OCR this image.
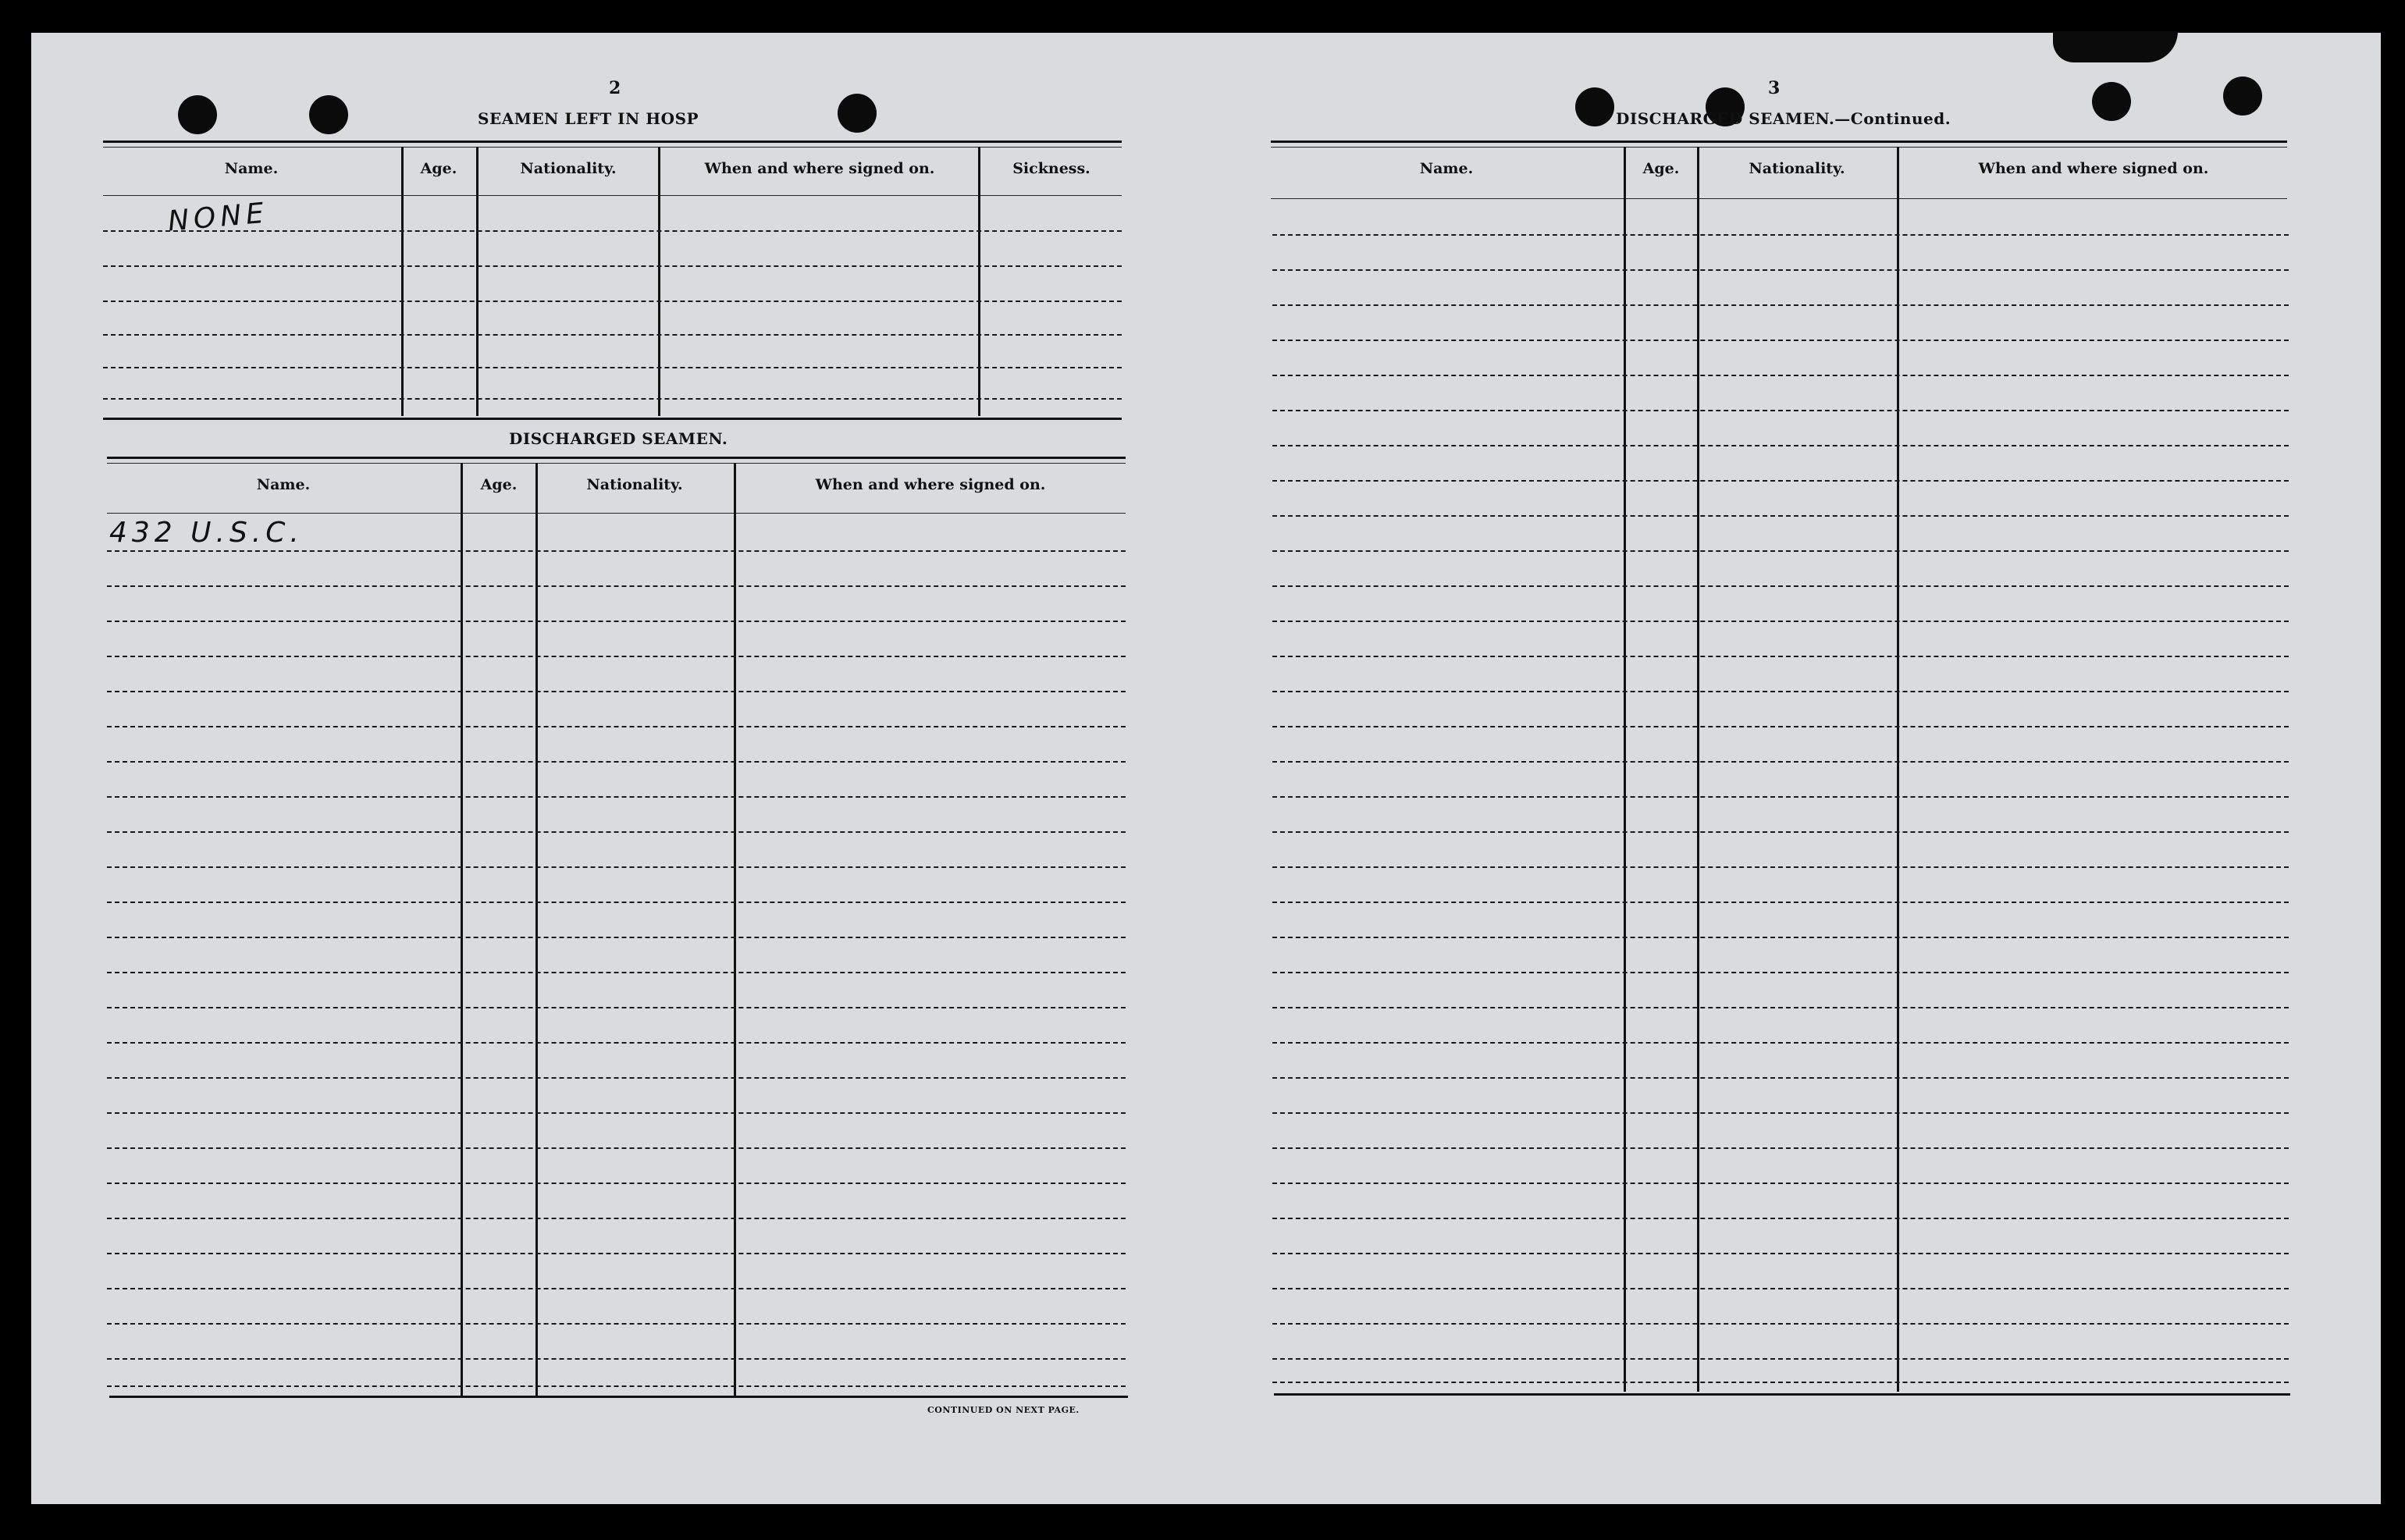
2
SEAMEN LEFT IN HOSP
Name.	Age.	Nationality.	When and where signed on.	Sickness.
NONE
DISCHARGED SEAMEN.
Name.	Age.	Nationality.	When and where signed on.
432 U.S.C.
CONTINUED ON NEXT PAGE.
3
DISCHARGED SEAMEN.—Continued.
Name.	Age.	Nationality.	When and where signed on.
